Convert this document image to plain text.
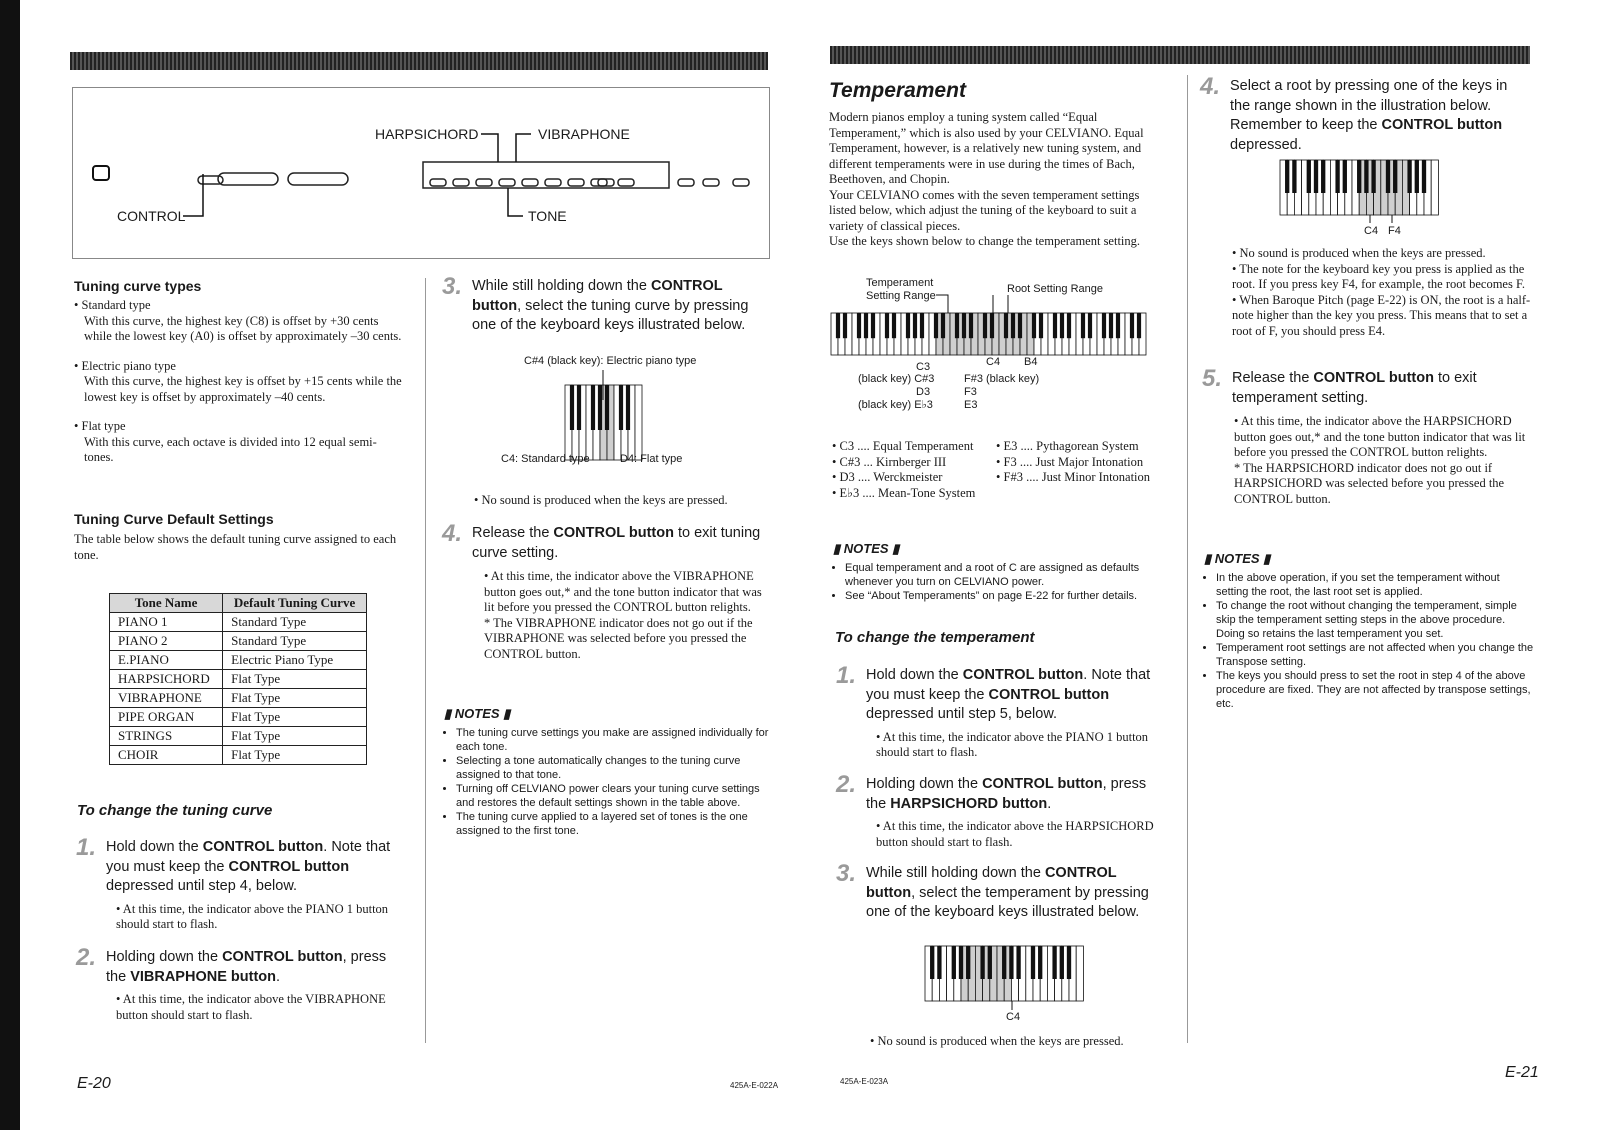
HARPSICHORD	VIBRAPHONE
CONTROL	TONE
Tuning curve types

• Standard type

With this curve, the highest key (C8) is offset by +30 cents while the lowest key (A0) is offset by approximately –30 cents.

• Electric piano type

With this curve, the highest key is offset by +15 cents while the lowest key is offset by approximately –40 cents.

• Flat type

With this curve, each octave is divided into 12 equal semi-tones.

Tuning Curve Default Settings

The table below shows the default tuning curve assigned to each tone.

Tone Name	Default Tuning Curve
PIANO 1	Standard Type
PIANO 2	Standard Type
E.PIANO	Electric Piano Type
HARPSICHORD	Flat Type
VIBRAPHONE	Flat Type
PIPE ORGAN	Flat Type
STRINGS	Flat Type
CHOIR	Flat Type
To change the tuning curve
1. Hold down the CONTROL button. Note that you must keep the CONTROL button depressed until step 4, below.

• At this time, the indicator above the PIANO 1 button should start to flash.

2. Holding down the CONTROL button, press the VIBRAPHONE button.

• At this time, the indicator above the VIBRAPHONE button should start to flash.

3. While still holding down the CONTROL button, select the tuning curve by pressing one of the keyboard keys illustrated below.

C#4 (black key): Electric piano type
C4: Standard type	D4: Flat type

• No sound is produced when the keys are pressed.

4. Release the CONTROL button to exit tuning curve setting.

• At this time, the indicator above the VIBRAPHONE button goes out,* and the tone button indicator that was lit before you pressed the CONTROL button relights.

* The VIBRAPHONE indicator does not go out if the VIBRAPHONE was selected before you pressed the CONTROL button.

▮ NOTES ▮

• The tuning curve settings you make are assigned individually for each tone.
• Selecting a tone automatically changes to the tuning curve assigned to that tone.
• Turning off CELVIANO power clears your tuning curve settings and restores the default settings shown in the table above.
• The tuning curve applied to a layered set of tones is the one assigned to the first tone.
E-20	425A-E-022A
Temperament

Modern pianos employ a tuning system called “Equal Temperament,” which is also used by your CELVIANO. Equal Temperament, however, is a relatively new tuning system, and different temperaments were in use during the times of Bach, Beethoven, and Chopin.

Your CELVIANO comes with the seven temperament settings listed below, which adjust the tuning of the keyboard to suit a variety of classical pieces.

Use the keys shown below to change the temperament setting.

Temperament Setting Range
Root Setting Range
C3
(black key) C#3
D3
(black key) E♭3
C4 B4
F#3 (black key)
F3
E3

• C3 .... Equal Temperament

• C#3 ... Kirnberger III

• D3 .... Werckmeister

• E♭3 .... Mean-Tone System

• E3 .... Pythagorean System

• F3 .... Just Major Intonation

• F#3 .... Just Minor Intonation

▮ NOTES ▮

• Equal temperament and a root of C are assigned as defaults whenever you turn on CELVIANO power.
• See “About Temperaments” on page E-22 for further details.
To change the temperament
1. Hold down the CONTROL button. Note that you must keep the CONTROL button depressed until step 5, below.

• At this time, the indicator above the PIANO 1 button should start to flash.

2. Holding down the CONTROL button, press the HARPSICHORD button.

• At this time, the indicator above the HARPSICHORD button should start to flash.

3. While still holding down the CONTROL button, select the temperament by pressing one of the keyboard keys illustrated below.

C4

• No sound is produced when the keys are pressed.

4. Select a root by pressing one of the keys in the range shown in the illustration below. Remember to keep the CONTROL button depressed.

C4 F4

• No sound is produced when the keys are pressed.

• The note for the keyboard key you press is applied as the root. If you press key F4, for example, the root becomes F.

• When Baroque Pitch (page E-22) is ON, the root is a half-note higher than the key you press. This means that to set a root of F, you should press E4.

5. Release the CONTROL button to exit temperament setting.

• At this time, the indicator above the HARPSICHORD button goes out,* and the tone button indicator that was lit before you pressed the CONTROL button relights.

* The HARPSICHORD indicator does not go out if HARPSICHORD was selected before you pressed the CONTROL button.

▮ NOTES ▮

• In the above operation, if you set the temperament without setting the root, the last root set is applied.
• To change the root without changing the temperament, simple skip the temperament setting steps in the above procedure. Doing so retains the last temperament you set.
• Temperament root settings are not affected when you change the Transpose setting.
• The keys you should press to set the root in step 4 of the above procedure are fixed. They are not affected by transpose settings, etc.
425A-E-023A
E-21
